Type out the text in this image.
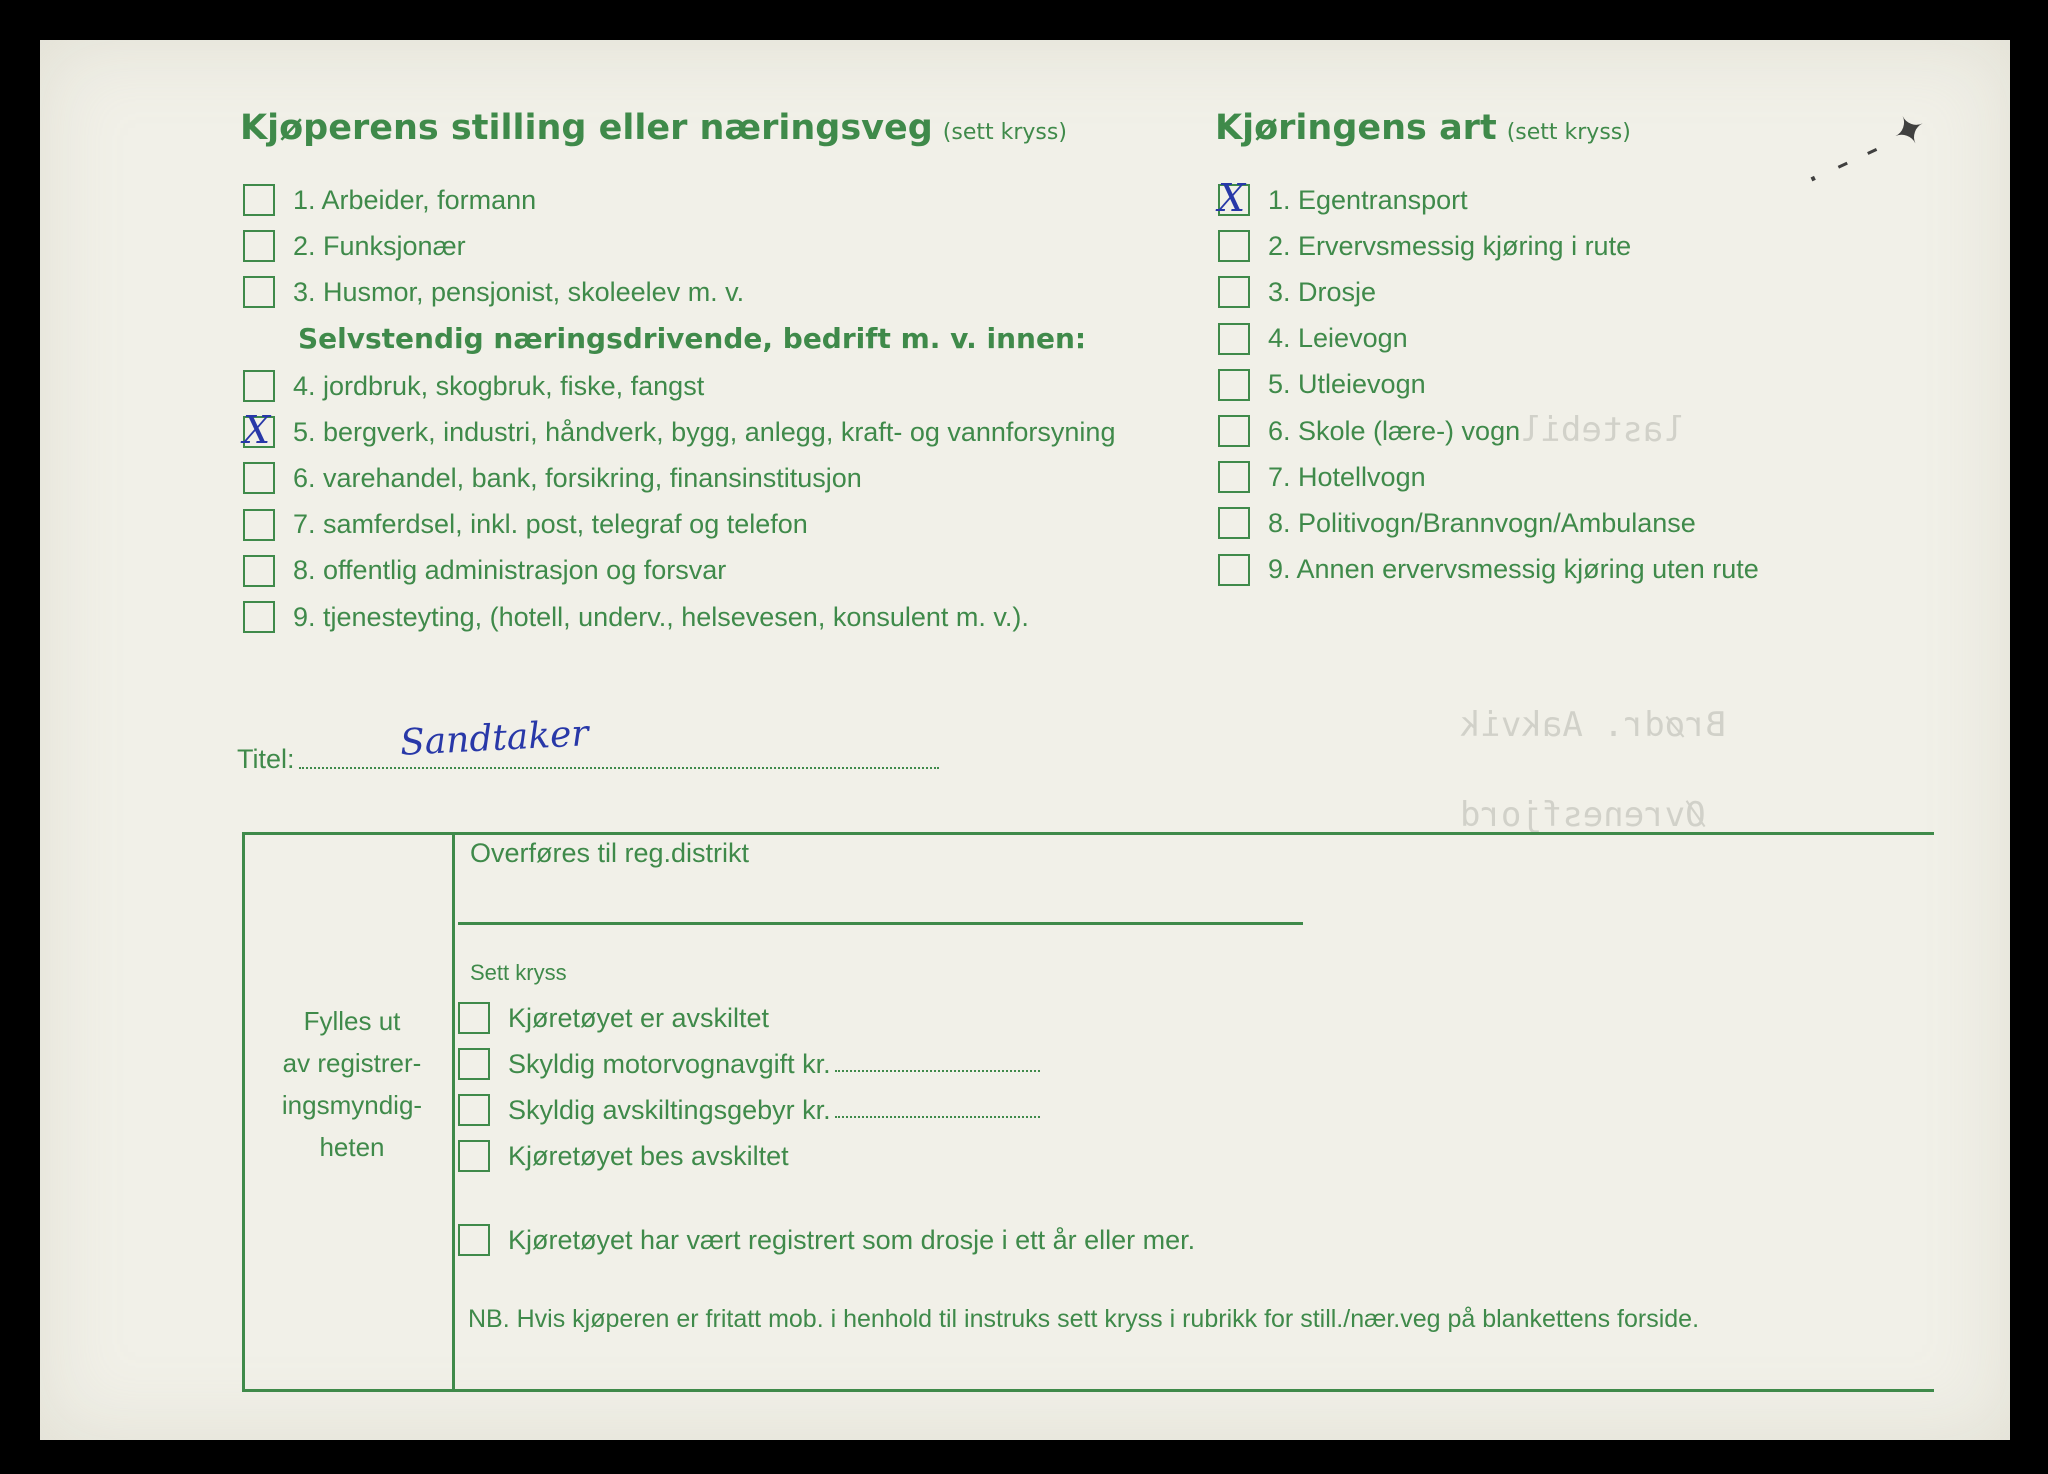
lastebil
Brødr. Aakvik
Øvrenesfjord
Kjøperens stilling eller næringsveg (sett kryss)
1. Arbeider, formann
2. Funksjonær
3. Husmor, pensjonist, skoleelev m. v.
Selvstendig næringsdrivende, bedrift m. v. innen:
4. jordbruk, skogbruk, fiske, fangst
X 5. bergverk, industri, håndverk, bygg, anlegg, kraft- og vannforsyning
6. varehandel, bank, forsikring, finansinstitusjon
7. samferdsel, inkl. post, telegraf og telefon
8. offentlig administrasjon og forsvar
9. tjenesteyting, (hotell, underv., helsevesen, konsulent m. v.).
Kjøringens art (sett kryss)
X 1. Egentransport
2. Ervervsmessig kjøring i rute
3. Drosje
4. Leievogn
5. Utleievogn
6. Skole (lære-) vogn
7. Hotellvogn
8. Politivogn/Brannvogn/Ambulanse
9. Annen ervervsmessig kjøring uten rute
· ‐ ‐ ✦
Titel:	Sandtaker
Fylles ut
av registrer-
ingsmyndig-
heten
Overføres til reg.distrikt
Sett kryss
Kjøretøyet er avskiltet
Skyldig motorvognavgift kr.
Skyldig avskiltingsgebyr kr.
Kjøretøyet bes avskiltet
Kjøretøyet har vært registrert som drosje i ett år eller mer.
NB. Hvis kjøperen er fritatt mob. i henhold til instruks sett kryss i rubrikk for still./nær.veg på blankettens forside.
